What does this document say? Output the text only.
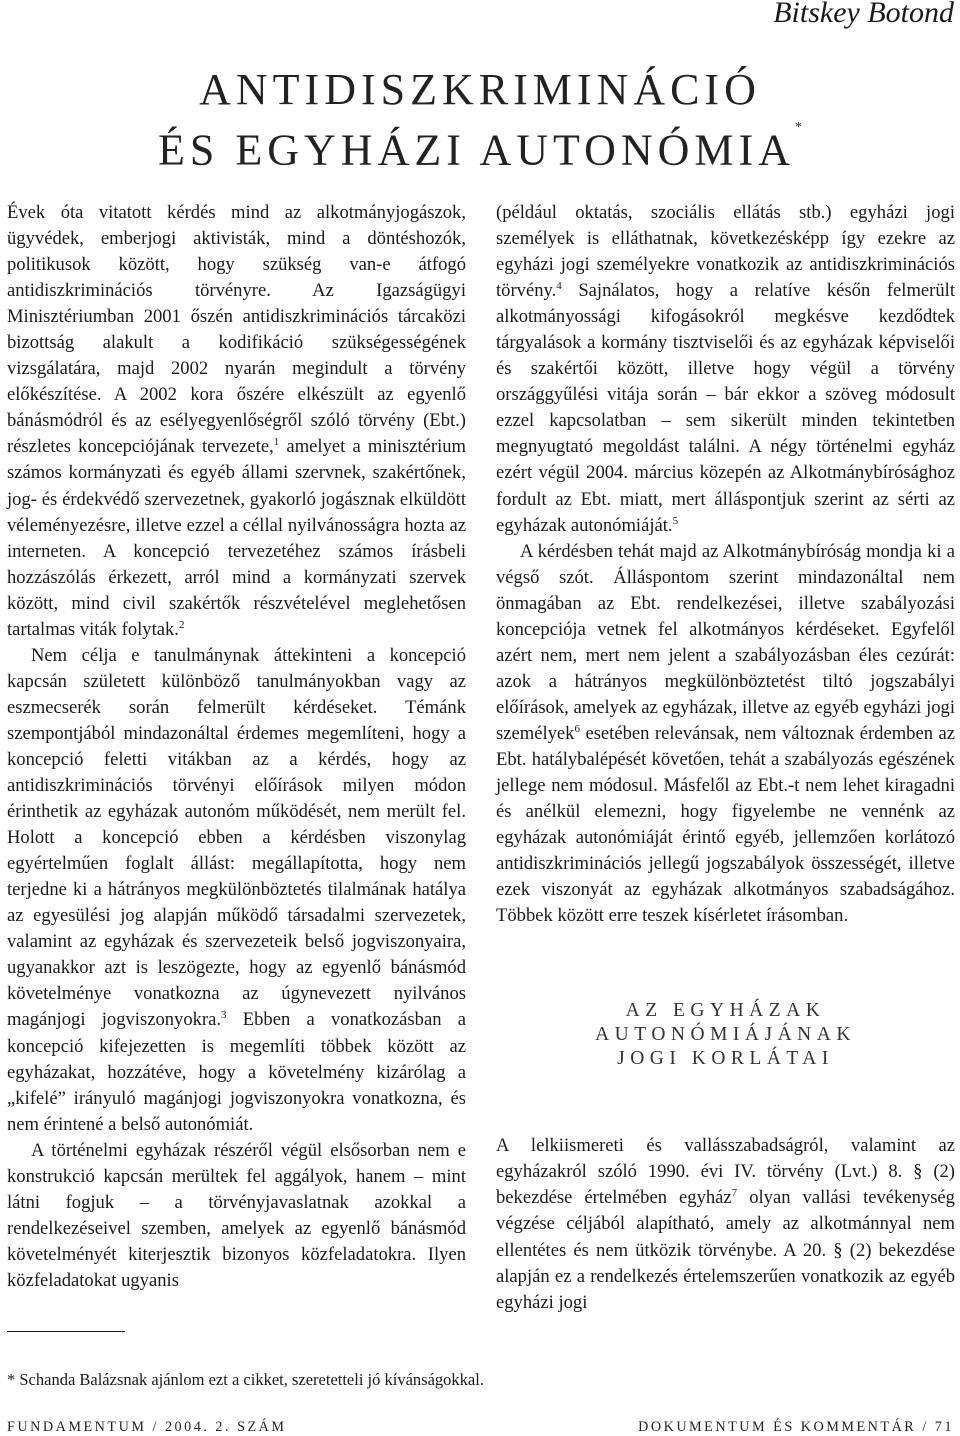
Bitskey Botond
ANTIDISZKRIMINÁCIÓ
ÉS EGYHÁZI AUTONÓMIA*

Évek óta vitatott kérdés mind az alkotmányjogászok, ügyvédek, emberjogi aktivisták, mind a döntéshozók, politikusok között, hogy szükség van-e átfogó antidiszkriminációs törvényre. Az Igazságügyi Minisztériumban 2001 őszén antidiszkriminációs tárcaközi bizottság alakult a kodifikáció szükségességének vizsgálatára, majd 2002 nyarán megindult a törvény előkészítése. A 2002 kora őszére elkészült az egyenlő bánásmódról és az esélyegyenlőségről szóló törvény (Ebt.) részletes koncepciójának tervezete,$^1$ amelyet a minisztérium számos kormányzati és egyéb állami szervnek, szakértőnek, jog- és érdekvédő szervezetnek, gyakorló jogásznak elküldött véleményezésre, illetve ezzel a céllal nyilvánosságra hozta az interneten. A koncepció tervezetéhez számos írásbeli hozzászólás érkezett, arról mind a kormányzati szervek között, mind civil szakértők részvételével meglehetősen tartalmas viták folytak.$^2$

Nem célja e tanulmánynak áttekinteni a koncepció kapcsán született különböző tanulmányokban vagy az eszmecserék során felmerült kérdéseket. Témánk szempontjából mindazonáltal érdemes megemlíteni, hogy a koncepció feletti vitákban az a kérdés, hogy az antidiszkriminációs törvényi előírások milyen módon érinthetik az egyházak autonóm működését, nem merült fel. Holott a koncepció ebben a kérdésben viszonylag egyértelműen foglalt állást: megállapította, hogy nem terjedne ki a hátrányos megkülönböztetés tilalmának hatálya az egyesülési jog alapján működő társadalmi szervezetek, valamint az egyházak és szervezeteik belső jogviszonyaira, ugyanakkor azt is leszögezte, hogy az egyenlő bánásmód követelménye vonatkozna az úgynevezett nyilvános magánjogi jogviszonyokra.$^3$ Ebben a vonatkozásban a koncepció kifejezetten is megemlíti többek között az egyházakat, hozzátéve, hogy a követelmény kizárólag a „kifelé” irányuló magánjogi jogviszonyokra vonatkozna, és nem érintené a belső autonómiát.

A történelmi egyházak részéről végül elsősorban nem e konstrukció kapcsán merültek fel aggályok, hanem – mint látni fogjuk – a törvényjavaslatnak azokkal a rendelkezéseivel szemben, amelyek az egyenlő bánásmód követelményét kiterjesztik bizonyos közfeladatokra. Ilyen közfeladatokat ugyanis

(például oktatás, szociális ellátás stb.) egyházi jogi személyek is elláthatnak, következésképp így ezekre az egyházi jogi személyekre vonatkozik az antidiszkriminációs törvény.$^4$ Sajnálatos, hogy a relatíve későn felmerült alkotmányossági kifogásokról megkésve kezdődtek tárgyalások a kormány tisztviselői és az egyházak képviselői és szakértői között, illetve hogy végül a törvény országgyűlési vitája során – bár ekkor a szöveg módosult ezzel kapcsolatban – sem sikerült minden tekintetben megnyugtató megoldást találni. A négy történelmi egyház ezért végül 2004. március közepén az Alkotmánybírósághoz fordult az Ebt. miatt, mert álláspontjuk szerint az sérti az egyházak autonómiáját.$^5$

A kérdésben tehát majd az Alkotmánybíróság mondja ki a végső szót. Álláspontom szerint mindazonáltal nem önmagában az Ebt. rendelkezései, illetve szabályozási koncepciója vetnek fel alkotmányos kérdéseket. Egyfelől azért nem, mert nem jelent a szabályozásban éles cezúrát: azok a hátrányos megkülönböztetést tiltó jogszabályi előírások, amelyek az egyházak, illetve az egyéb egyházi jogi személyek$^6$ esetében relevánsak, nem változnak érdemben az Ebt. hatálybalépését követően, tehát a szabályozás egészének jellege nem módosul. Másfelől az Ebt.-t nem lehet kiragadni és anélkül elemezni, hogy figyelembe ne vennénk az egyházak autonómiáját érintő egyéb, jellemzően korlátozó antidiszkriminációs jellegű jogszabályok összességét, illetve ezek viszonyát az egyházak alkotmányos szabadságához. Többek között erre teszek kísérletet írásomban.

AZ EGYHÁZAK
AUTONÓMIÁJÁNAK
JOGI KORLÁTAI

A lelkiismereti és vallásszabadságról, valamint az egyházakról szóló 1990. évi IV. törvény (Lvt.) 8. § (2) bekezdése értelmében egyház$^7$ olyan vallási tevékenység végzése céljából alapítható, amely az alkotmánnyal nem ellentétes és nem ütközik törvénybe. A 20. § (2) bekezdése alapján ez a rendelkezés értelemszerűen vonatkozik az egyéb egyházi jogi

* Schanda Balázsnak ajánlom ezt a cikket, szeretetteli jó kívánságokkal.

FUNDAMENTUM / 2004. 2. SZÁM	DOKUMENTUM ÉS KOMMENTÁR / 71
